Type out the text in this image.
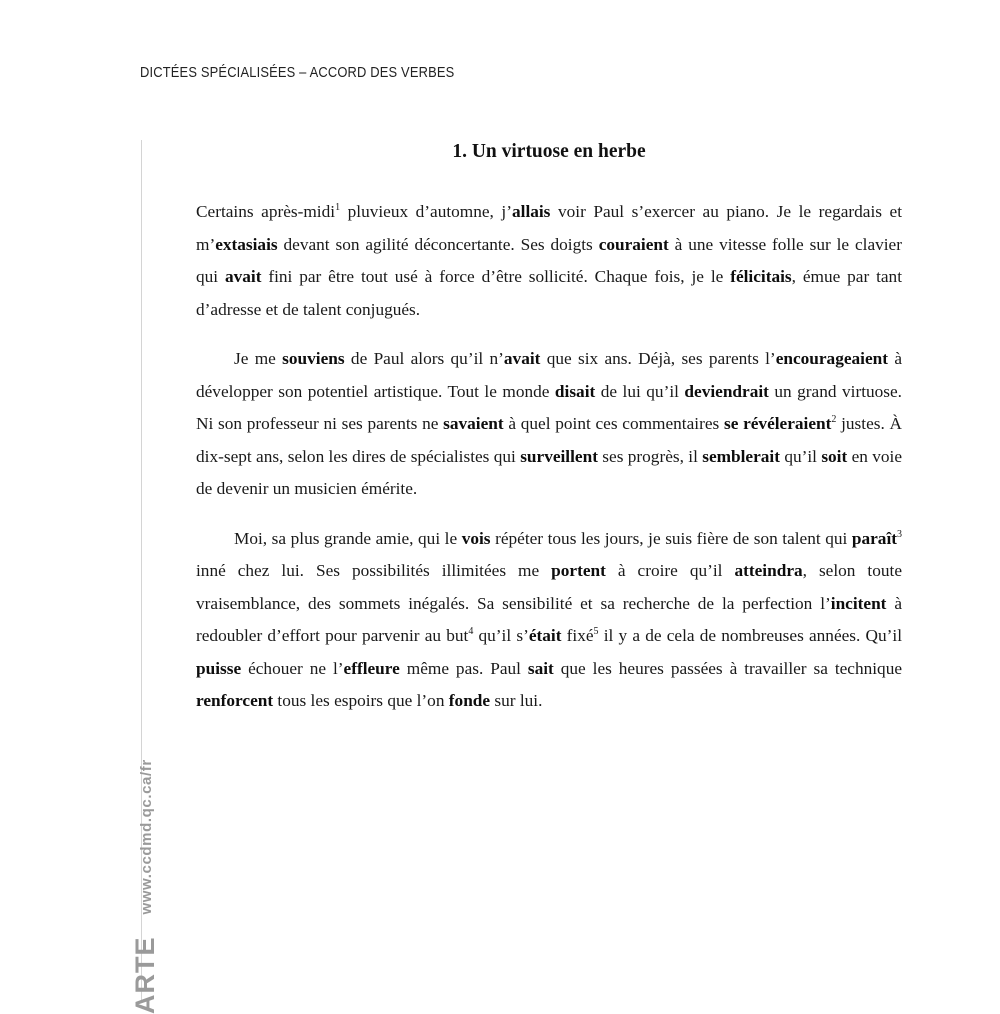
DICTÉES SPÉCIALISÉES – ACCORD DES VERBES
ARTEwww.ccdmd.qc.ca/fr
1. Un virtuose en herbe

Certains après-midi$^1$ pluvieux d’automne, j’allais voir Paul s’exercer au piano. Je le regardais et m’extasiais devant son agilité déconcertante. Ses doigts couraient à une vitesse folle sur le clavier qui avait fini par être tout usé à force d’être sollicité. Chaque fois, je le félicitais, émue par tant d’adresse et de talent conjugués.

Je me souviens de Paul alors qu’il n’avait que six ans. Déjà, ses parents l’encourageaient à développer son potentiel artistique. Tout le monde disait de lui qu’il deviendrait un grand virtuose. Ni son professeur ni ses parents ne savaient à quel point ces commentaires se révéleraient$^2$ justes. À dix-sept ans, selon les dires de spécialistes qui surveillent ses progrès, il semblerait qu’il soit en voie de devenir un musicien émérite.

Moi, sa plus grande amie, qui le vois répéter tous les jours, je suis fière de son talent qui paraît$^3$ inné chez lui. Ses possibilités illimitées me portent à croire qu’il atteindra, selon toute vraisemblance, des sommets inégalés. Sa sensibilité et sa recherche de la perfection l’incitent à redoubler d’effort pour parvenir au but$^4$ qu’il s’était fixé$^5$ il y a de cela de nombreuses années. Qu’il puisse échouer ne l’effleure même pas. Paul sait que les heures passées à travailler sa technique renforcent tous les espoirs que l’on fonde sur lui.
